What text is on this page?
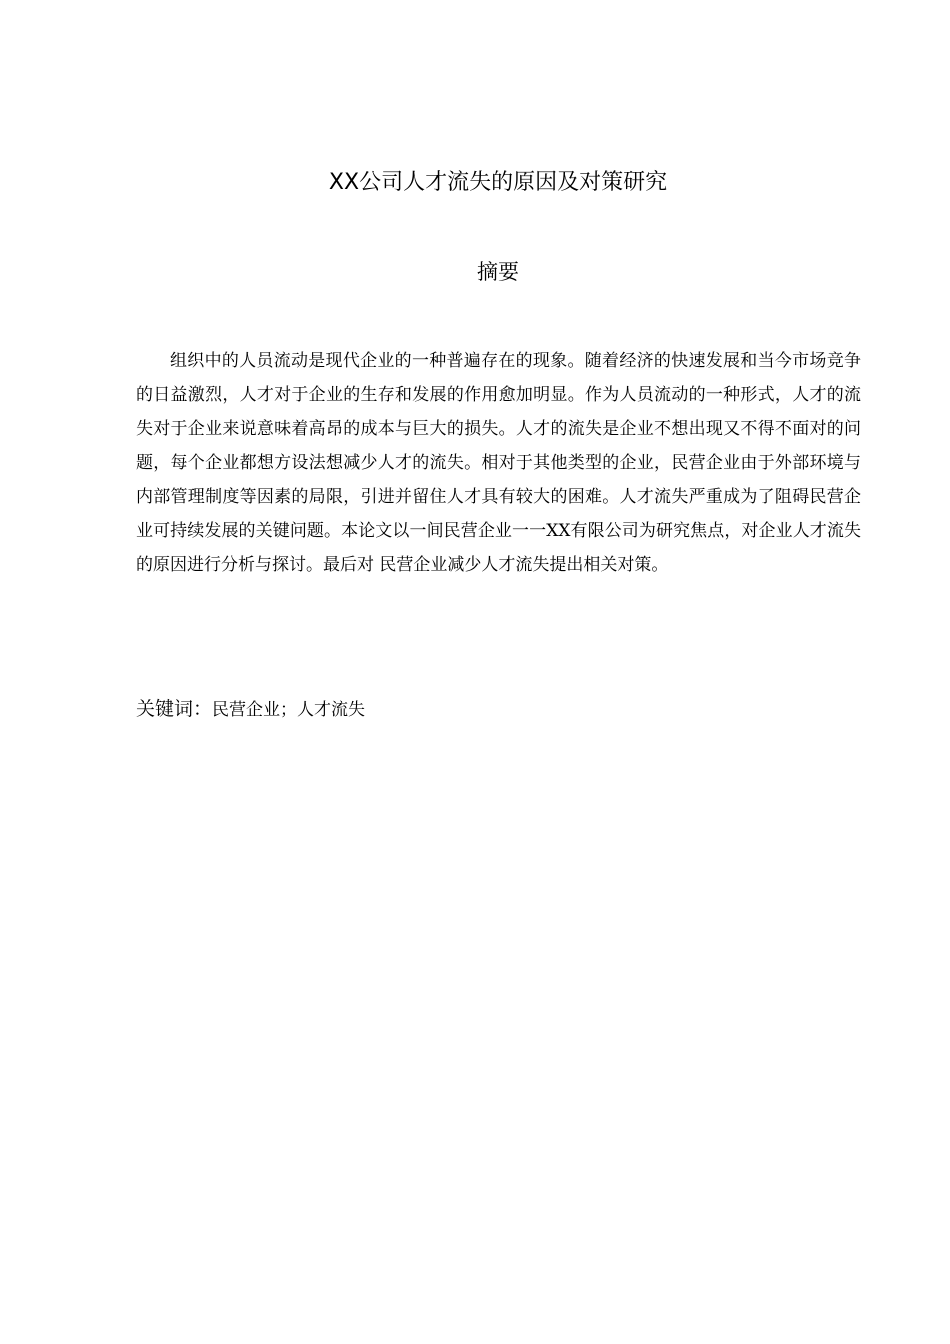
XX公司人才流失的原因及对策研究
摘要

组织中的人员流动是现代企业的一种普遍存在的现象。随着经济的快速发展和当今市场竞争的日益激烈，人才对于企业的生存和发展的作用愈加明显。作为人员流动的一种形式，人才的流失对于企业来说意味着高昂的成本与巨大的损失。人才的流失是企业不想出现又不得不面对的问题，每个企业都想方设法想减少人才的流失。相对于其他类型的企业，民营企业由于外部环境与内部管理制度等因素的局限，引进并留住人才具有较大的困难。人才流失严重成为了阻碍民营企业可持续发展的关键问题。本论文以一间民营企业一一XX有限公司为研究焦点，对企业人才流失的原因进行分析与探讨。最后对 民营企业减少人才流失提出相关对策。

关键词：民营企业；人才流失
